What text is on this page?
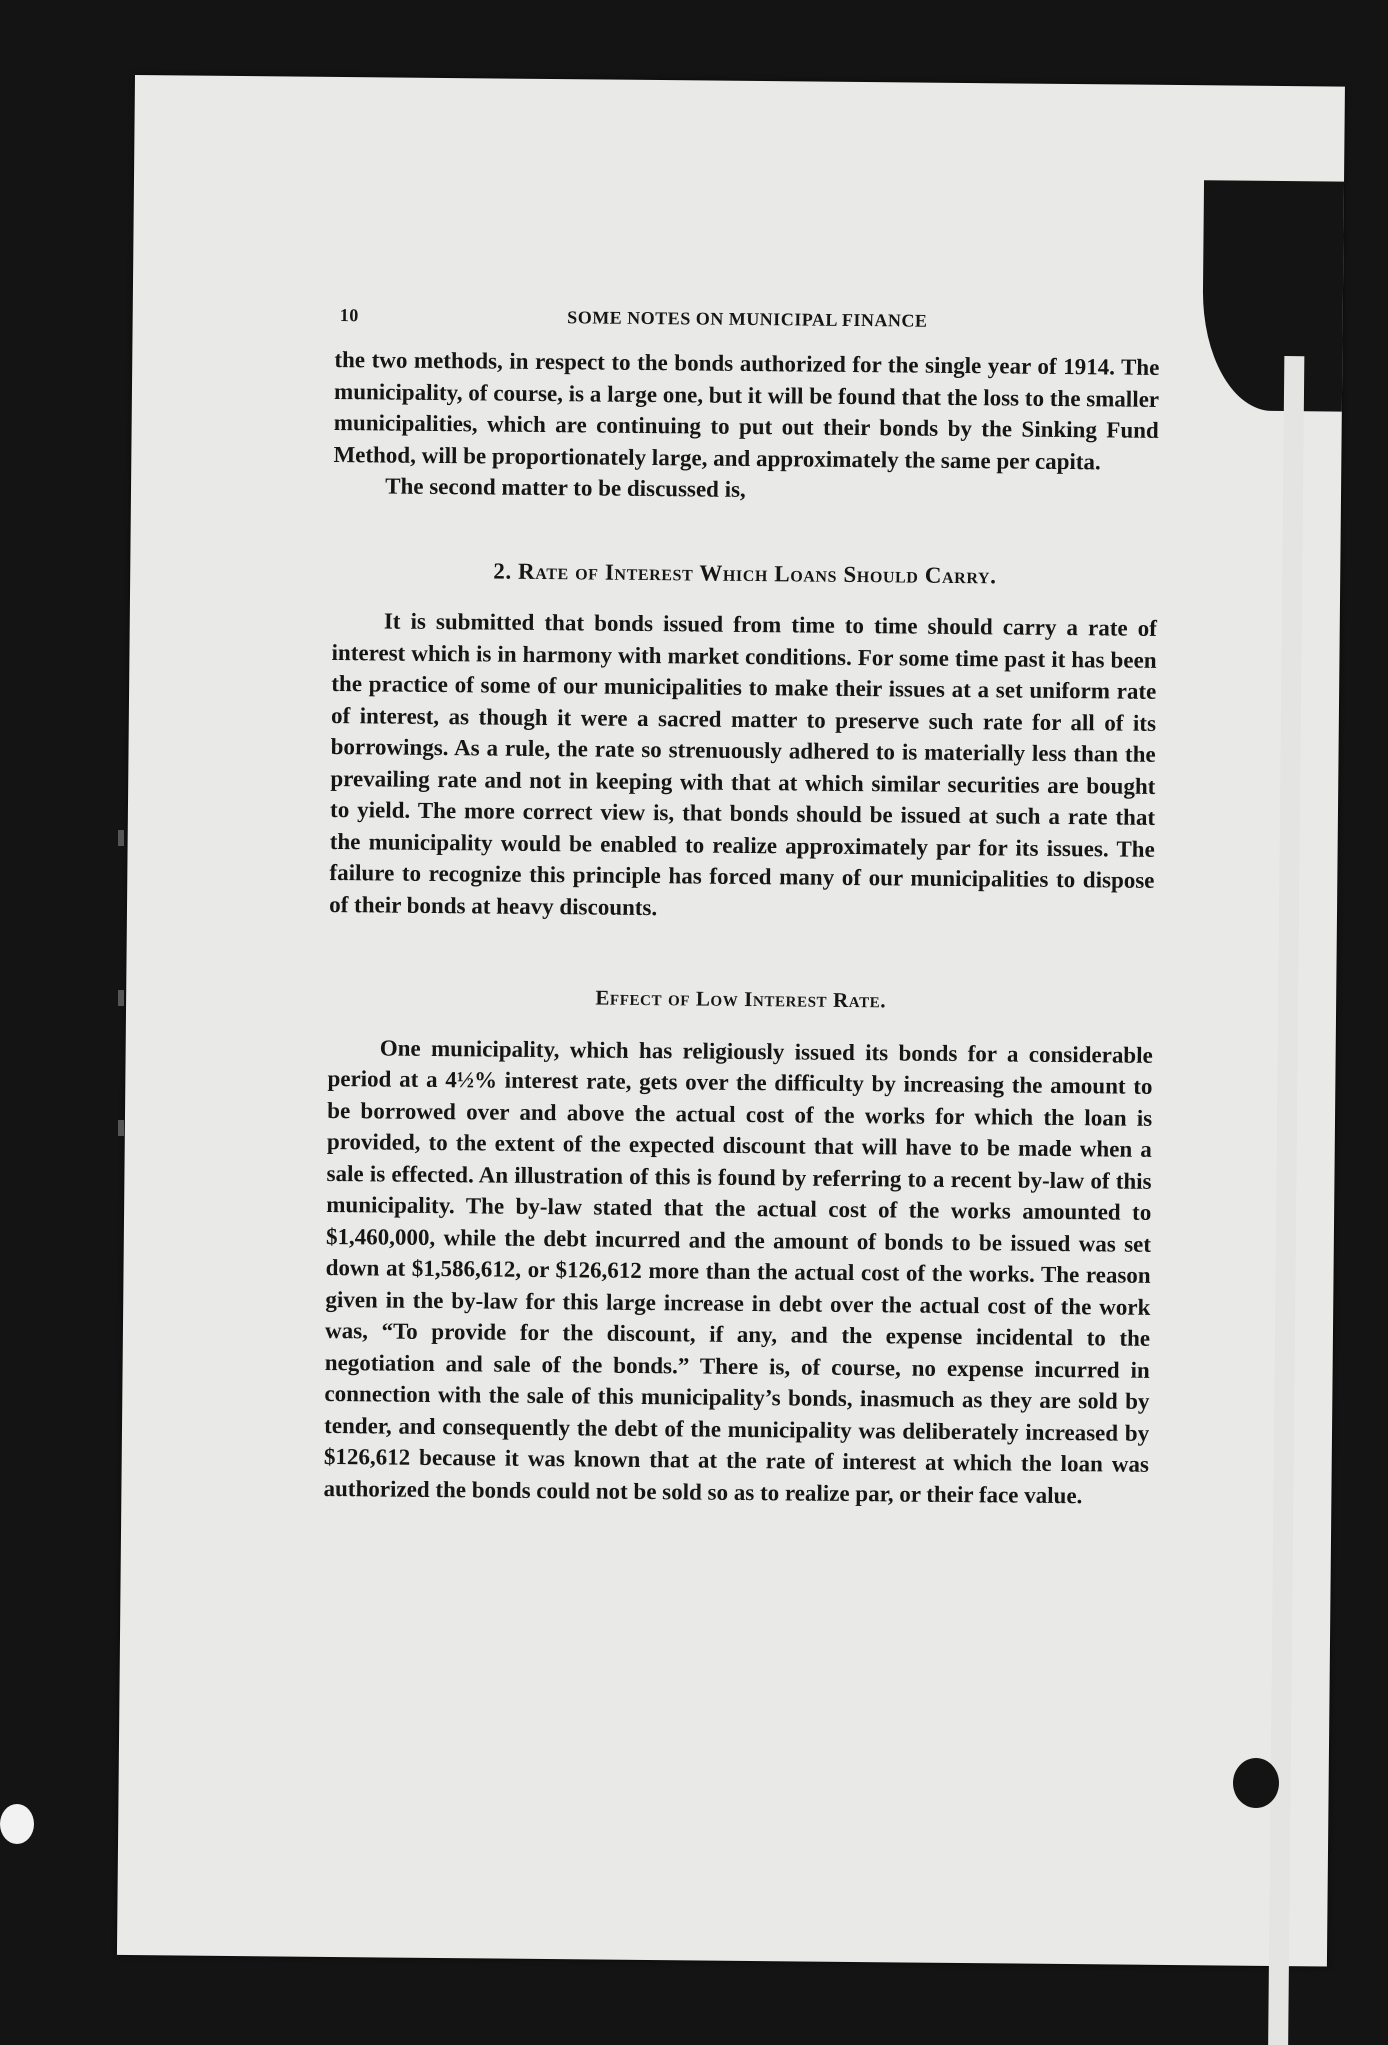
10	SOME NOTES ON MUNICIPAL FINANCE

the two methods, in respect to the bonds authorized for the single year of 1914. The municipality, of course, is a large one, but it will be found that the loss to the smaller municipalities, which are continuing to put out their bonds by the Sinking Fund Method, will be proportionately large, and approximately the same per capita.

The second matter to be discussed is,

2. Rate of Interest Which Loans Should Carry.

It is submitted that bonds issued from time to time should carry a rate of interest which is in harmony with market conditions. For some time past it has been the practice of some of our municipalities to make their issues at a set uniform rate of interest, as though it were a sacred matter to preserve such rate for all of its borrowings. As a rule, the rate so strenuously adhered to is materially less than the prevailing rate and not in keeping with that at which similar securities are bought to yield. The more correct view is, that bonds should be issued at such a rate that the municipality would be enabled to realize approximately par for its issues. The failure to recognize this principle has forced many of our municipalities to dispose of their bonds at heavy discounts.

Effect of Low Interest Rate.

One municipality, which has religiously issued its bonds for a considerable period at a 4½% interest rate, gets over the difficulty by increasing the amount to be borrowed over and above the actual cost of the works for which the loan is provided, to the extent of the expected discount that will have to be made when a sale is effected. An illustration of this is found by referring to a recent by-law of this municipality. The by-law stated that the actual cost of the works amounted to $1,460,000, while the debt incurred and the amount of bonds to be issued was set down at $1,586,612, or $126,612 more than the actual cost of the works. The reason given in the by-law for this large increase in debt over the actual cost of the work was, “To provide for the discount, if any, and the expense incidental to the negotiation and sale of the bonds.” There is, of course, no expense incurred in connection with the sale of this municipality’s bonds, inasmuch as they are sold by tender, and consequently the debt of the municipality was deliberately increased by $126,612 because it was known that at the rate of interest at which the loan was authorized the bonds could not be sold so as to realize par, or their face value.
